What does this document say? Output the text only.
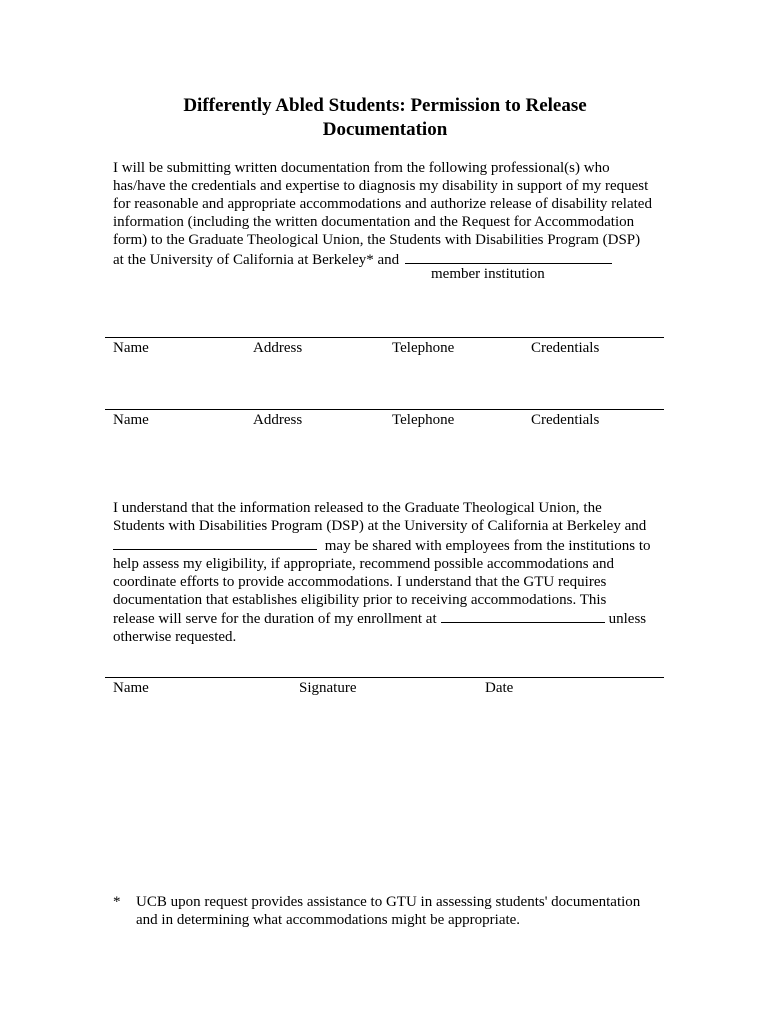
Differently Abled Students: Permission to Release
Documentation
I will be submitting written documentation from the following professional(s) who
has/have the credentials and expertise to diagnosis my disability in support of my request
for reasonable and appropriate accommodations and authorize release of disability related
information (including the written documentation and the Request for Accommodation
form) to the Graduate Theological Union, the Students with Disabilities Program (DSP)
at the University of California at Berkeley* and
member institution
Name	Address	Telephone	Credentials
Name	Address	Telephone	Credentials
I understand that the information released to the Graduate Theological Union, the
Students with Disabilities Program (DSP) at the University of California at Berkeley and
may be shared with employees from the institutions to
help assess my eligibility, if appropriate, recommend possible accommodations and
coordinate efforts to provide accommodations. I understand that the GTU requires
documentation that establishes eligibility prior to receiving accommodations. This
release will serve for the duration of my enrollment at	unless
otherwise requested.
Name	Signature	Date
* UCB upon request provides assistance to GTU in assessing students' documentation
and in determining what accommodations might be appropriate.
